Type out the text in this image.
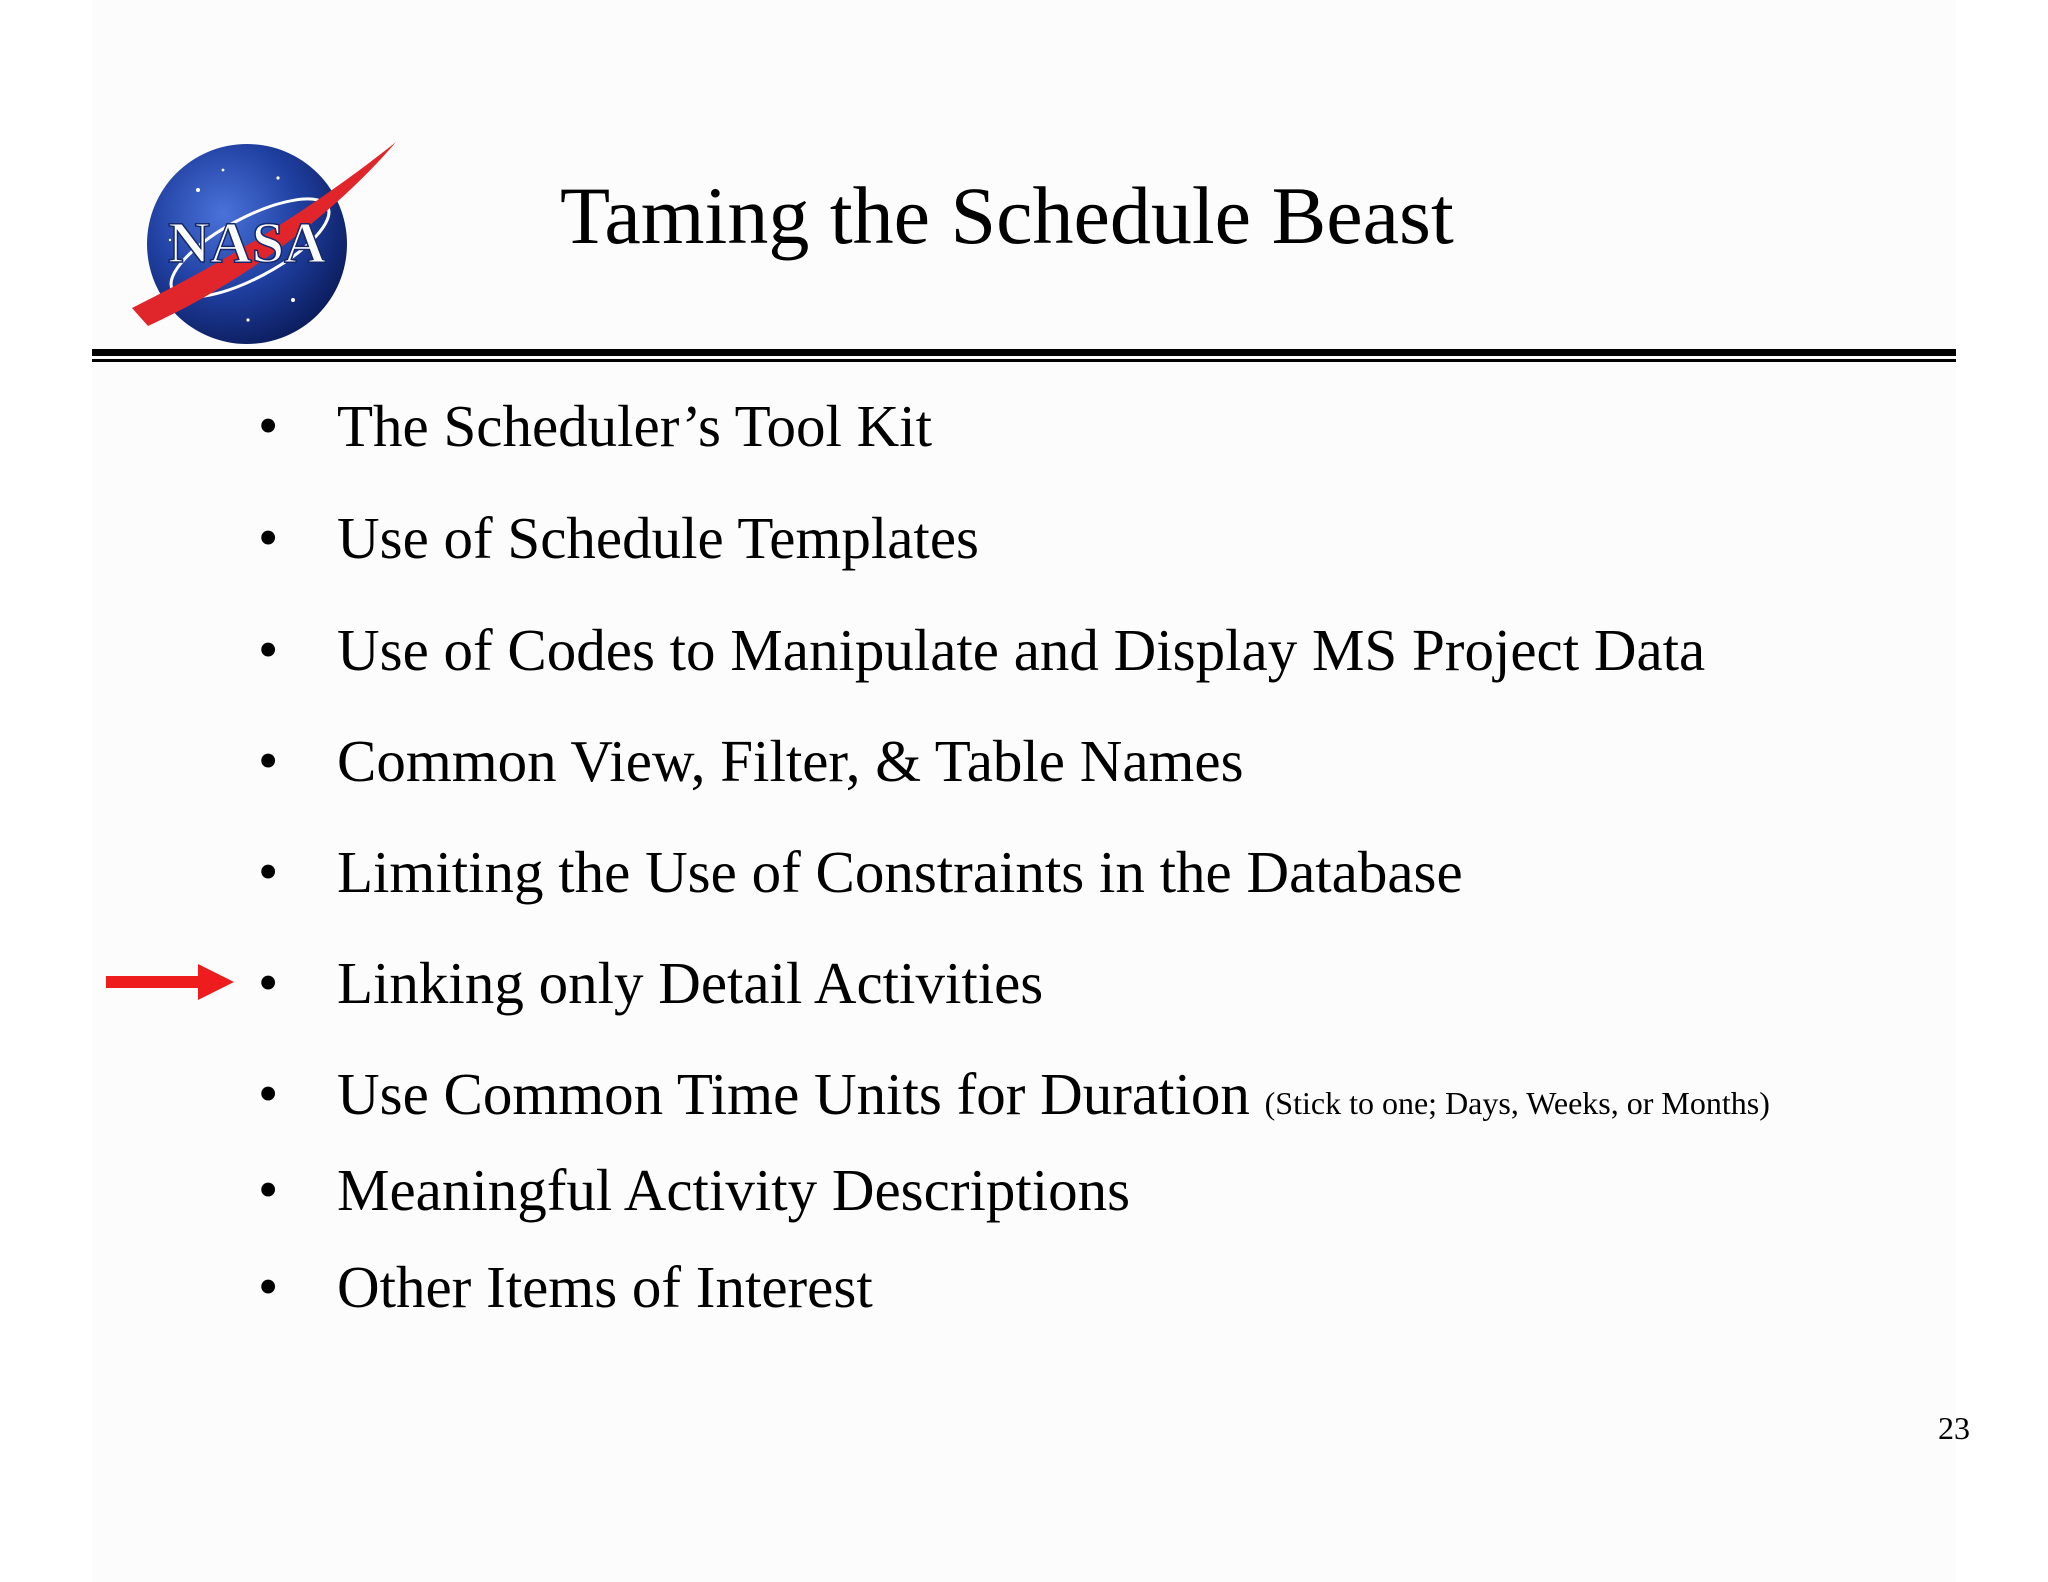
NASA	Taming the Schedule Beast
• The Scheduler’s Tool Kit
• Use of Schedule Templates
• Use of Codes to Manipulate and Display MS Project Data
• Common View, Filter, & Table Names
• Limiting the Use of Constraints in the Database
• Linking only Detail Activities
• Use Common Time Units for Duration (Stick to one; Days, Weeks, or Months)
• Meaningful Activity Descriptions
• Other Items of Interest
23
